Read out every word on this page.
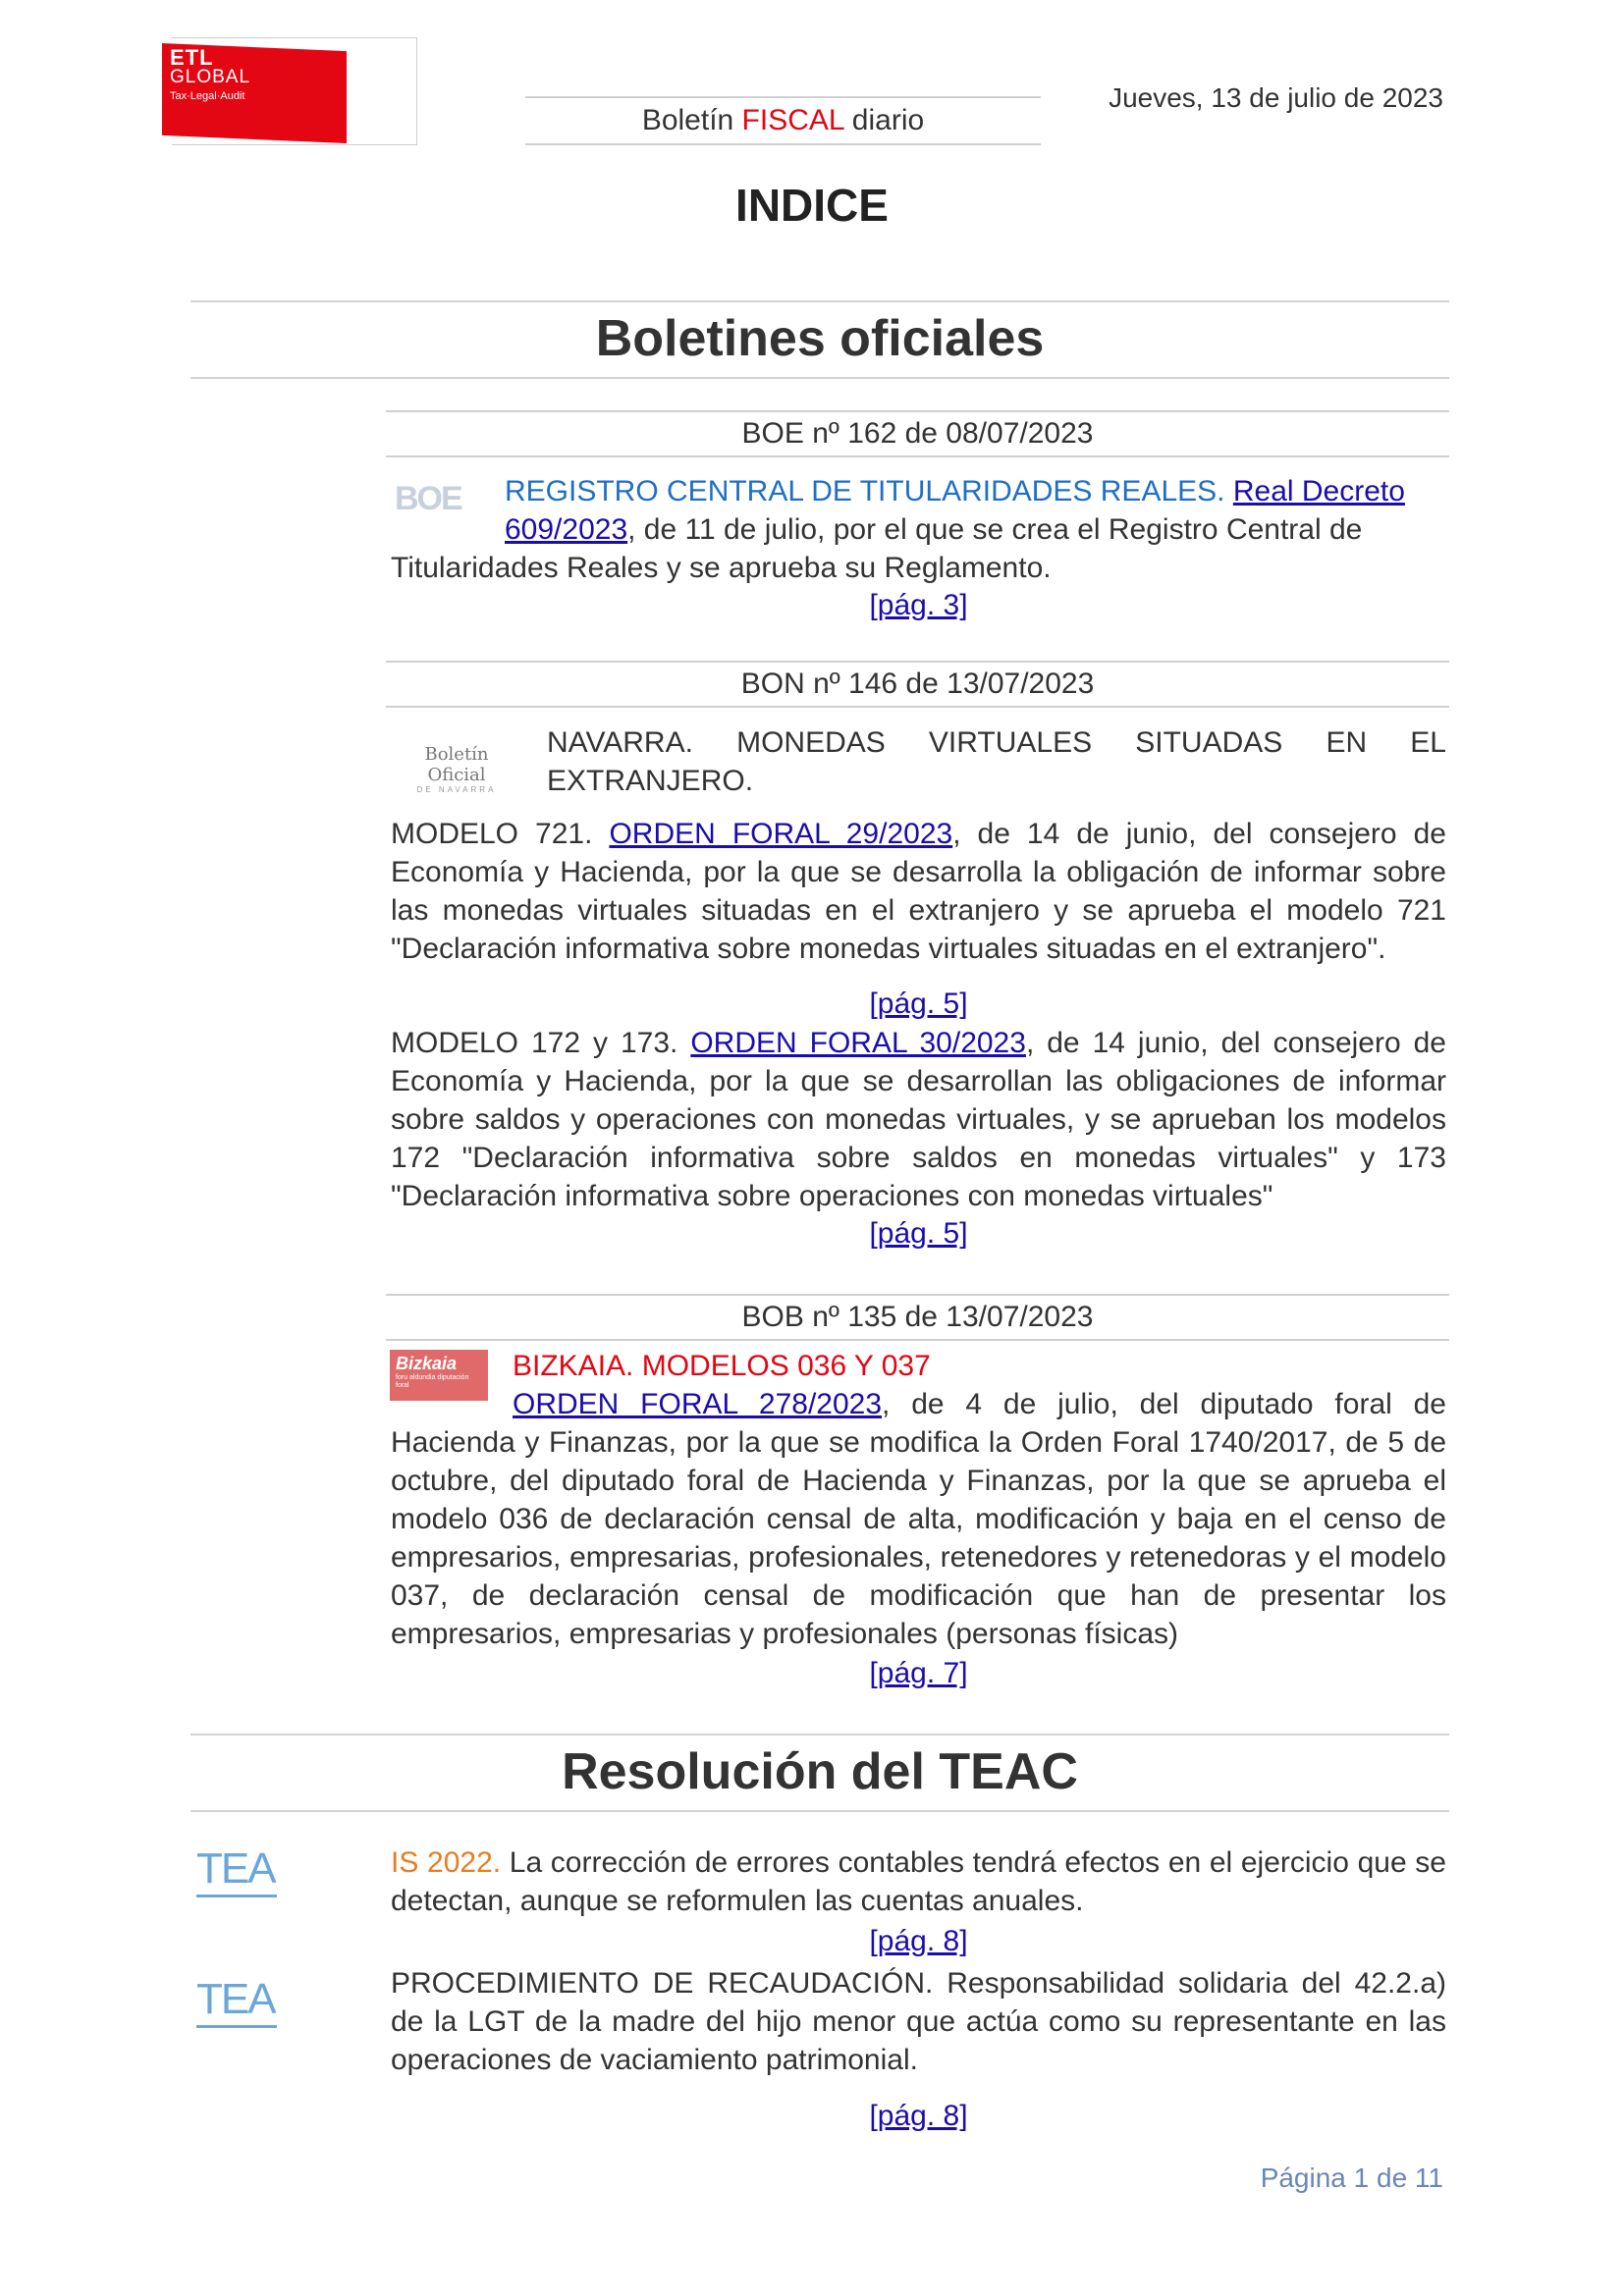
ETL
GLOBAL
Tax·Legal·Audit
Boletín FISCAL diario
Jueves, 13 de julio de 2023
INDICE
Boletines oficiales
BOE nº 162 de 08/07/2023
BOE	REGISTRO CENTRAL DE TITULARIDADES REALES. Real Decreto
609/2023, de 11 de julio, por el que se crea el Registro Central de
Titularidades Reales y se aprueba su Reglamento.
[pág. 3]
BON nº 146 de 13/07/2023
Boletín Oficial
DE NAVARRA
NAVARRA. MONEDAS VIRTUALES SITUADAS EN EL
EXTRANJERO.
MODELO 721. ORDEN FORAL 29/2023, de 14 de junio, del consejero de Economía y Hacienda, por la que se desarrolla la obligación de informar sobre las monedas virtuales situadas en el extranjero y se aprueba el modelo 721 "Declaración informativa sobre monedas virtuales situadas en el extranjero".
[pág. 5]
MODELO 172 y 173. ORDEN FORAL 30/2023, de 14 junio, del consejero de Economía y Hacienda, por la que se desarrollan las obligaciones de informar sobre saldos y operaciones con monedas virtuales, y se aprueban los modelos 172 "Declaración informativa sobre saldos en monedas virtuales" y 173 "Declaración informativa sobre operaciones con monedas virtuales"
[pág. 5]
BOB nº 135 de 13/07/2023
Bizkaia
foru aldundia diputación foral
BIZKAIA. MODELOS 036 Y 037
ORDEN FORAL 278/2023, de 4 de julio, del diputado foral de Hacienda y Finanzas, por la que se modifica la Orden Foral 1740/2017, de 5 de octubre, del diputado foral de Hacienda y Finanzas, por la que se aprueba el modelo 036 de declaración censal de alta, modificación y baja en el censo de empresarios, empresarias, profesionales, retenedores y retenedoras y el modelo 037, de declaración censal de modificación que han de presentar los empresarios, empresarias y profesionales (personas físicas)
[pág. 7]
Resolución del TEAC
TEA	IS 2022. La corrección de errores contables tendrá efectos en el ejercicio que se detectan, aunque se reformulen las cuentas anuales.
[pág. 8]
TEA	PROCEDIMIENTO DE RECAUDACIÓN. Responsabilidad solidaria del 42.2.a) de la LGT de la madre del hijo menor que actúa como su representante en las operaciones de vaciamiento patrimonial.
[pág. 8]
Página 1 de 11
